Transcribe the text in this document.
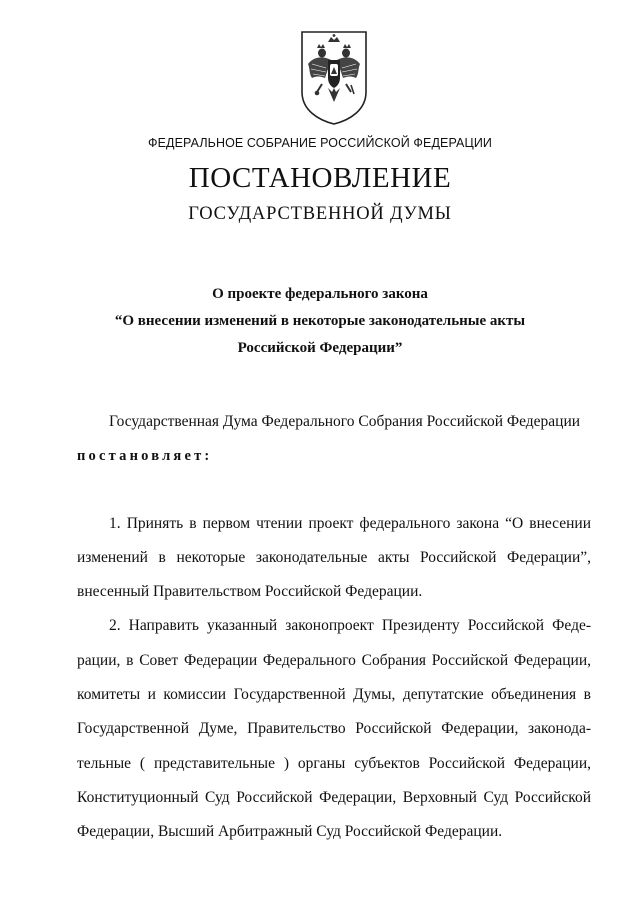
ФЕДЕРАЛЬНОЕ СОБРАНИЕ РОССИЙСКОЙ ФЕДЕРАЦИИ
ПОСТАНОВЛЕНИЕ
ГОСУДАРСТВЕННОЙ ДУМЫ
О проекте федерального закона
“О внесении изменений в некоторые законодательные акты
Российской Федерации”
Государственная Дума Федерального Собрания Российской Федерации
постановляет:
1. Принять в первом чтении проект федерального закона “О внесении
изменений в некоторые законодательные акты Российской Федерации”,
внесенный Правительством Российской Федерации.
2. Направить указанный законопроект Президенту Российской Феде-
рации, в Совет Федерации Федерального Собрания Российской Федерации,
комитеты и комиссии Государственной Думы, депутатские объединения в
Государственной Думе, Правительство Российской Федерации, законода-
тельные ( представительные ) органы субъектов Российской Федерации,
Конституционный Суд Российской Федерации, Верховный Суд Российской
Федерации, Высший Арбитражный Суд Российской Федерации.
